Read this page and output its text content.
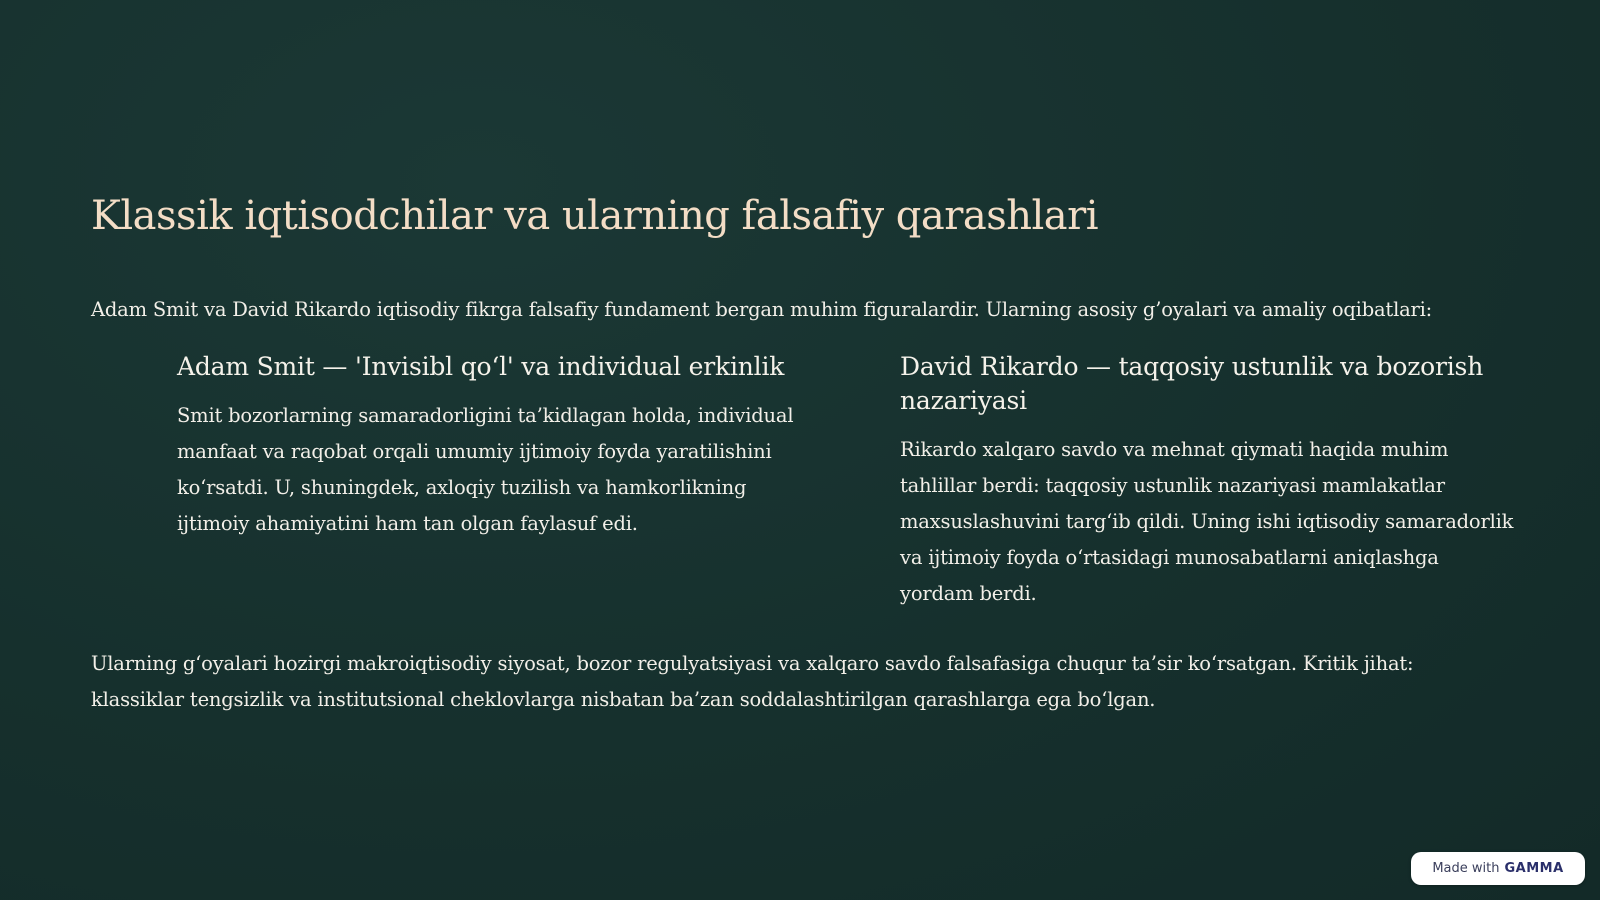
Klassik iqtisodchilar va ularning falsafiy qarashlari

Adam Smit va David Rikardo iqtisodiy fikrga falsafiy fundament bergan muhim figuralardir. Ularning asosiy g’oyalari va amaliy oqibatlari:

Adam Smit — 'Invisibl qo‘l' va individual erkinlik

Smit bozorlarning samaradorligini ta’kidlagan holda, individual manfaat va raqobat orqali umumiy ijtimoiy foyda yaratilishini ko‘rsatdi. U, shuningdek, axloqiy tuzilish va hamkorlikning ijtimoiy ahamiyatini ham tan olgan faylasuf edi.

David Rikardo — taqqosiy ustunlik va bozorish nazariyasi

Rikardo xalqaro savdo va mehnat qiymati haqida muhim tahlillar berdi: taqqosiy ustunlik nazariyasi mamlakatlar maxsuslashuvini targ‘ib qildi. Uning ishi iqtisodiy samaradorlik va ijtimoiy foyda o‘rtasidagi munosabatlarni aniqlashga yordam berdi.

Ularning g‘oyalari hozirgi makroiqtisodiy siyosat, bozor regulyatsiyasi va xalqaro savdo falsafasiga chuqur ta’sir ko‘rsatgan. Kritik jihat: klassiklar tengsizlik va institutsional cheklovlarga nisbatan ba’zan soddalashtirilgan qarashlarga ega bo‘lgan.

Made with GAMMA
